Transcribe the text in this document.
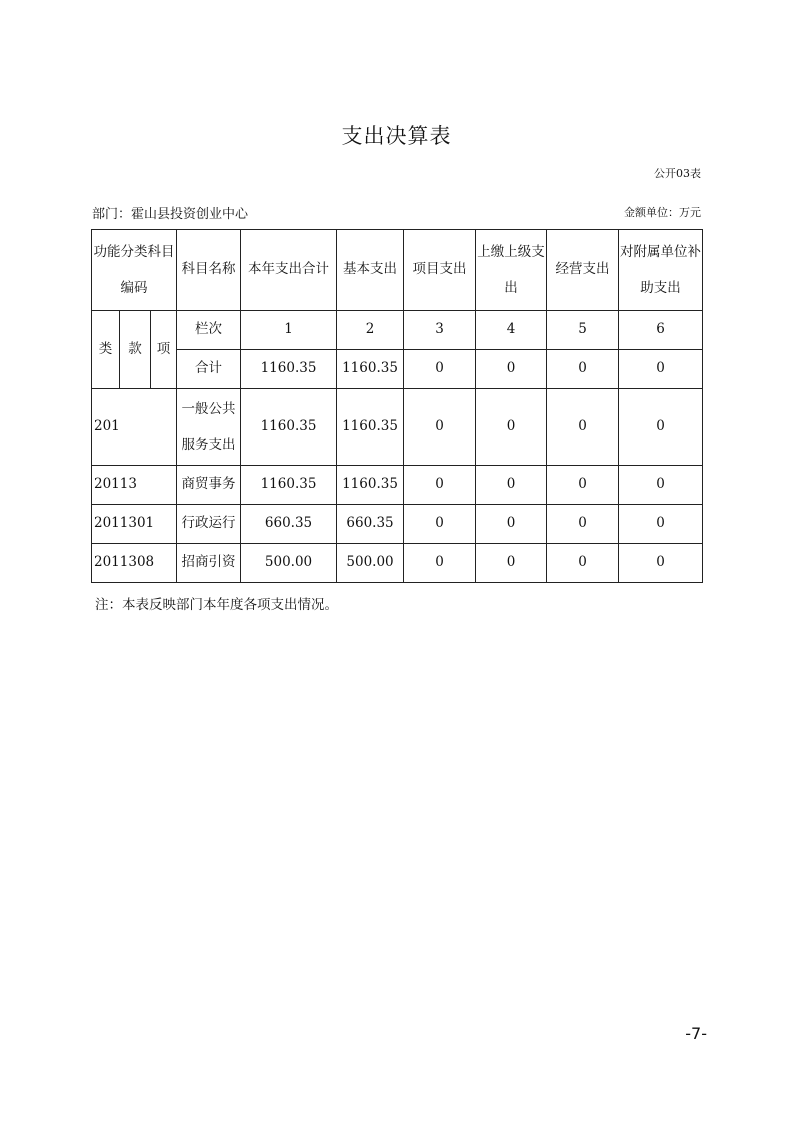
支出决算表
公开03表
部门：霍山县投资创业中心	金额单位：万元
功能分类科目编码			科目名称	本年支出合计	基本支出	项目支出	上缴上级支出	经营支出	对附属单位补助支出
类	款	项	栏次	1	2	3	4	5	6
			合计	1160.35	1160.35	0	0	0	0
201			一般公共服务支出	1160.35	1160.35	0	0	0	0
20113			商贸事务	1160.35	1160.35	0	0	0	0
2011301			行政运行	660.35	660.35	0	0	0	0
2011308			招商引资	500.00	500.00	0	0	0	0
注：本表反映部门本年度各项支出情况。
-7-
